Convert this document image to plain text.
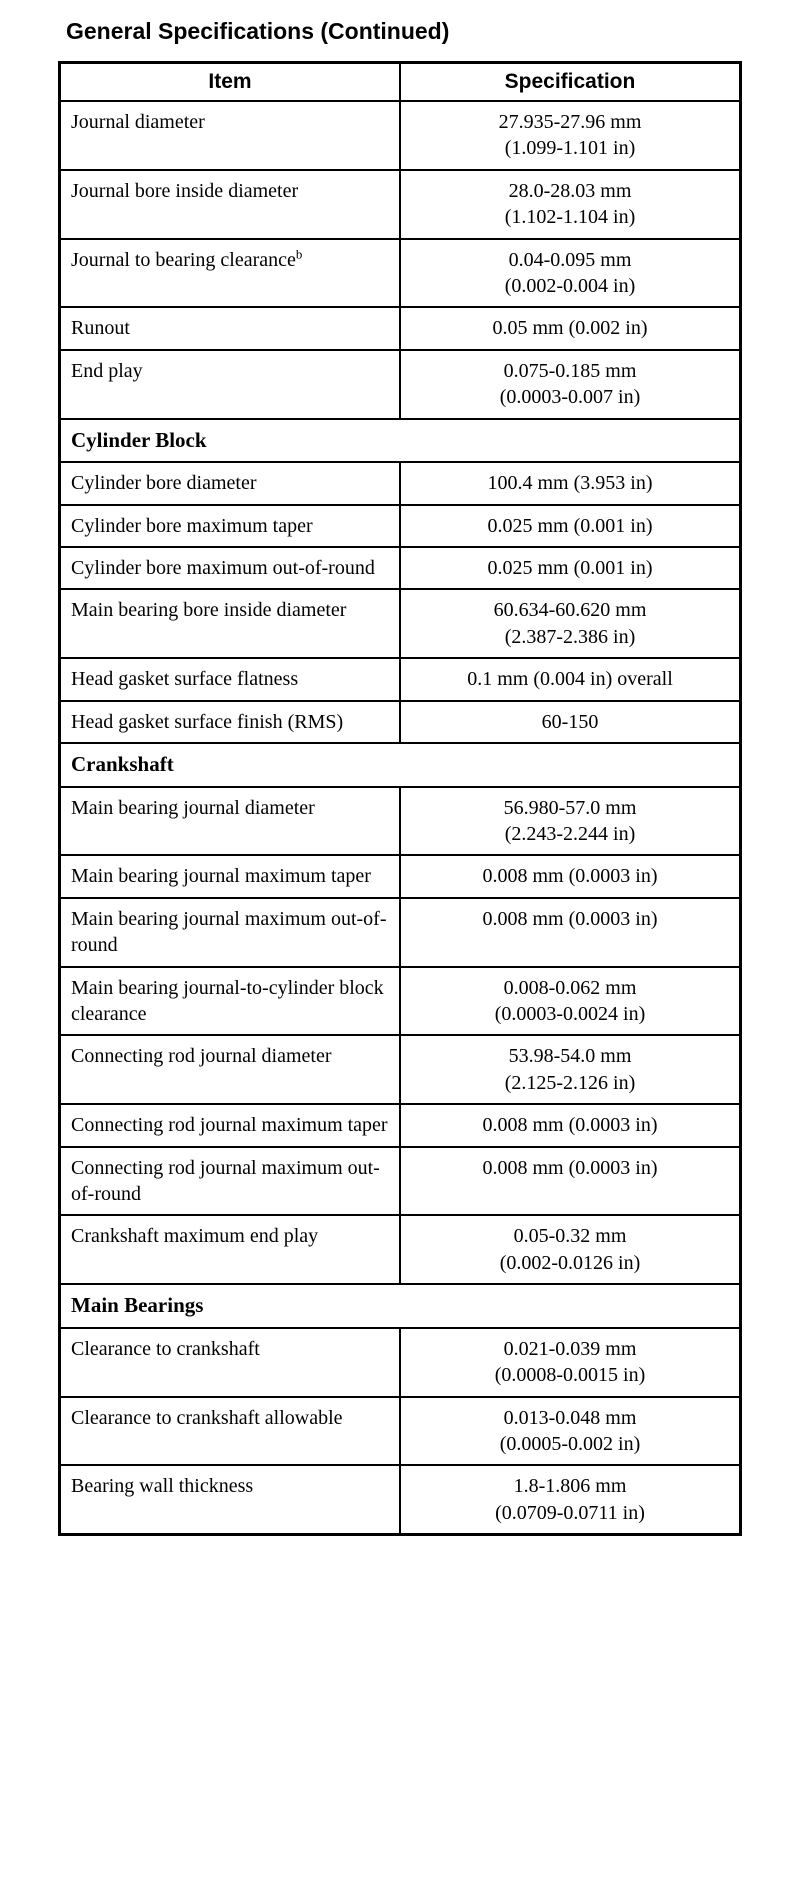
General Specifications (Continued)
Item	Specification
Journal diameter	27.935-27.96 mm
(1.099-1.101 in)
Journal bore inside diameter	28.0-28.03 mm
(1.102-1.104 in)
Journal to bearing clearance$^b$	0.04-0.095 mm
(0.002-0.004 in)
Runout	0.05 mm (0.002 in)
End play	0.075-0.185 mm
(0.0003-0.007 in)
Cylinder Block	
Cylinder bore diameter	100.4 mm (3.953 in)
Cylinder bore maximum taper	0.025 mm (0.001 in)
Cylinder bore maximum out-of-round	0.025 mm (0.001 in)
Main bearing bore inside diameter	60.634-60.620 mm
(2.387-2.386 in)
Head gasket surface flatness	0.1 mm (0.004 in) overall
Head gasket surface finish (RMS)	60-150
Crankshaft	
Main bearing journal diameter	56.980-57.0 mm
(2.243-2.244 in)
Main bearing journal maximum taper	0.008 mm (0.0003 in)
Main bearing journal maximum out-of-round	0.008 mm (0.0003 in)
Main bearing journal-to-cylinder block clearance	0.008-0.062 mm
(0.0003-0.0024 in)
Connecting rod journal diameter	53.98-54.0 mm
(2.125-2.126 in)
Connecting rod journal maximum taper	0.008 mm (0.0003 in)
Connecting rod journal maximum out-of-round	0.008 mm (0.0003 in)
Crankshaft maximum end play	0.05-0.32 mm
(0.002-0.0126 in)
Main Bearings	
Clearance to crankshaft	0.021-0.039 mm
(0.0008-0.0015 in)
Clearance to crankshaft allowable	0.013-0.048 mm
(0.0005-0.002 in)
Bearing wall thickness	1.8-1.806 mm
(0.0709-0.0711 in)
